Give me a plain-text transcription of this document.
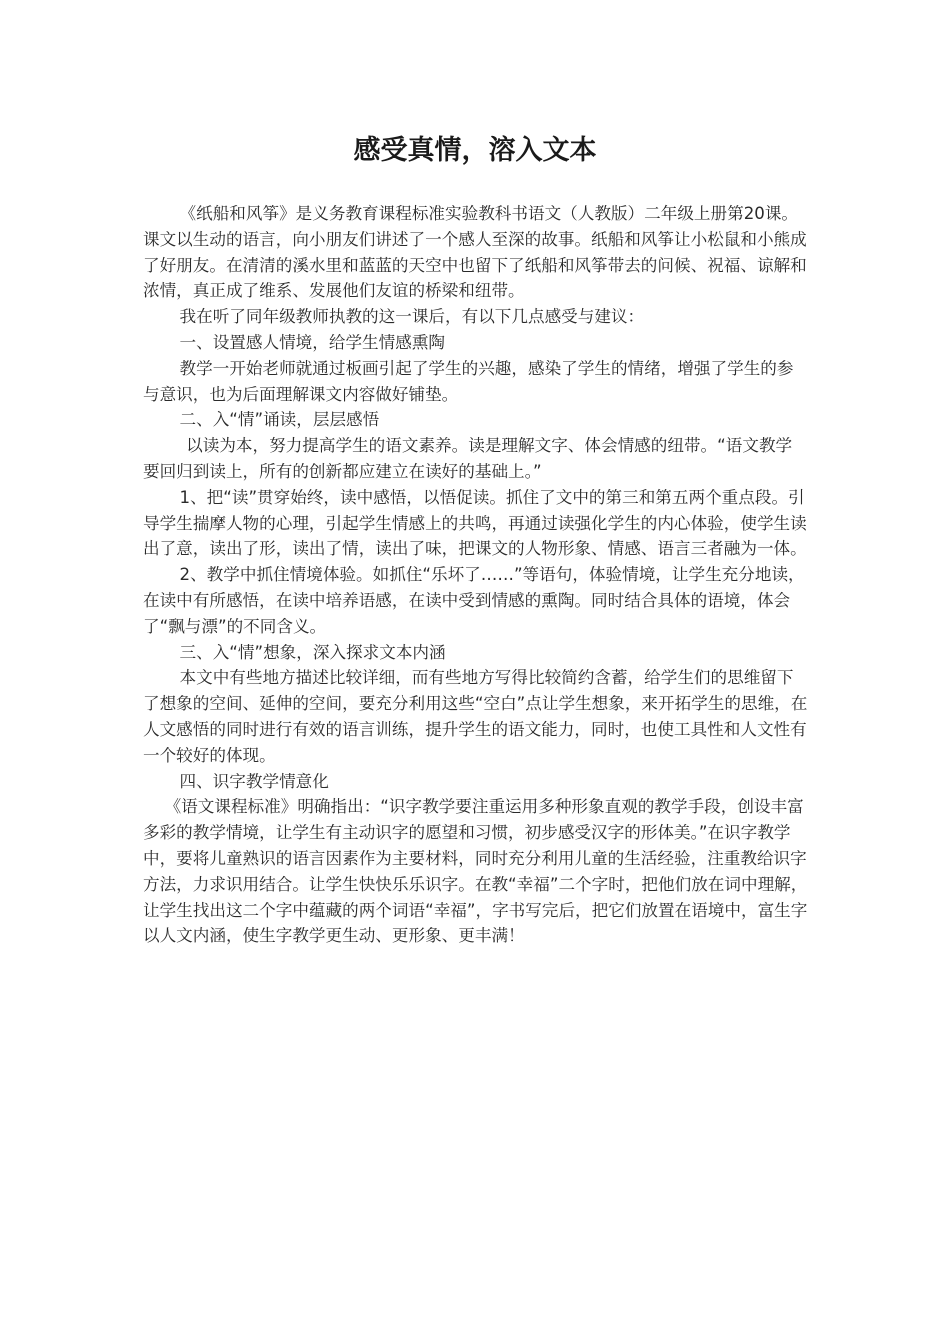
感受真情，溶入文本

《纸船和风筝》是义务教育课程标准实验教科书语文（人教版）二年级上册第20课。课文以生动的语言，向小朋友们讲述了一个感人至深的故事。纸船和风筝让小松鼠和小熊成了好朋友。在清清的溪水里和蓝蓝的天空中也留下了纸船和风筝带去的问候、祝福、谅解和浓情，真正成了维系、发展他们友谊的桥梁和纽带。

我在听了同年级教师执教的这一课后，有以下几点感受与建议：

一、设置感人情境，给学生情感熏陶

教学一开始老师就通过板画引起了学生的兴趣，感染了学生的情绪，增强了学生的参与意识，也为后面理解课文内容做好铺垫。

二、入“情”诵读，层层感悟

以读为本，努力提高学生的语文素养。读是理解文字、体会情感的纽带。“语文教学要回归到读上，所有的创新都应建立在读好的基础上。”

1、把“读”贯穿始终，读中感悟，以悟促读。抓住了文中的第三和第五两个重点段。引导学生揣摩人物的心理，引起学生情感上的共鸣，再通过读强化学生的内心体验，使学生读出了意，读出了形，读出了情，读出了味，把课文的人物形象、情感、语言三者融为一体。

2、教学中抓住情境体验。如抓住“乐坏了……”等语句，体验情境，让学生充分地读，在读中有所感悟，在读中培养语感，在读中受到情感的熏陶。同时结合具体的语境，体会了“飘与漂”的不同含义。

三、入“情”想象，深入探求文本内涵

本文中有些地方描述比较详细，而有些地方写得比较简约含蓄，给学生们的思维留下了想象的空间、延伸的空间，要充分利用这些“空白”点让学生想象，来开拓学生的思维，在人文感悟的同时进行有效的语言训练，提升学生的语文能力，同时，也使工具性和人文性有一个较好的体现。

四、识字教学情意化

《语文课程标准》明确指出：“识字教学要注重运用多种形象直观的教学手段，创设丰富多彩的教学情境，让学生有主动识字的愿望和习惯，初步感受汉字的形体美。”在识字教学中，要将儿童熟识的语言因素作为主要材料，同时充分利用儿童的生活经验，注重教给识字方法，力求识用结合。让学生快快乐乐识字。在教“幸福”二个字时，把他们放在词中理解，让学生找出这二个字中蕴藏的两个词语“幸福”，字书写完后，把它们放置在语境中，富生字以人文内涵，使生字教学更生动、更形象、更丰满！
